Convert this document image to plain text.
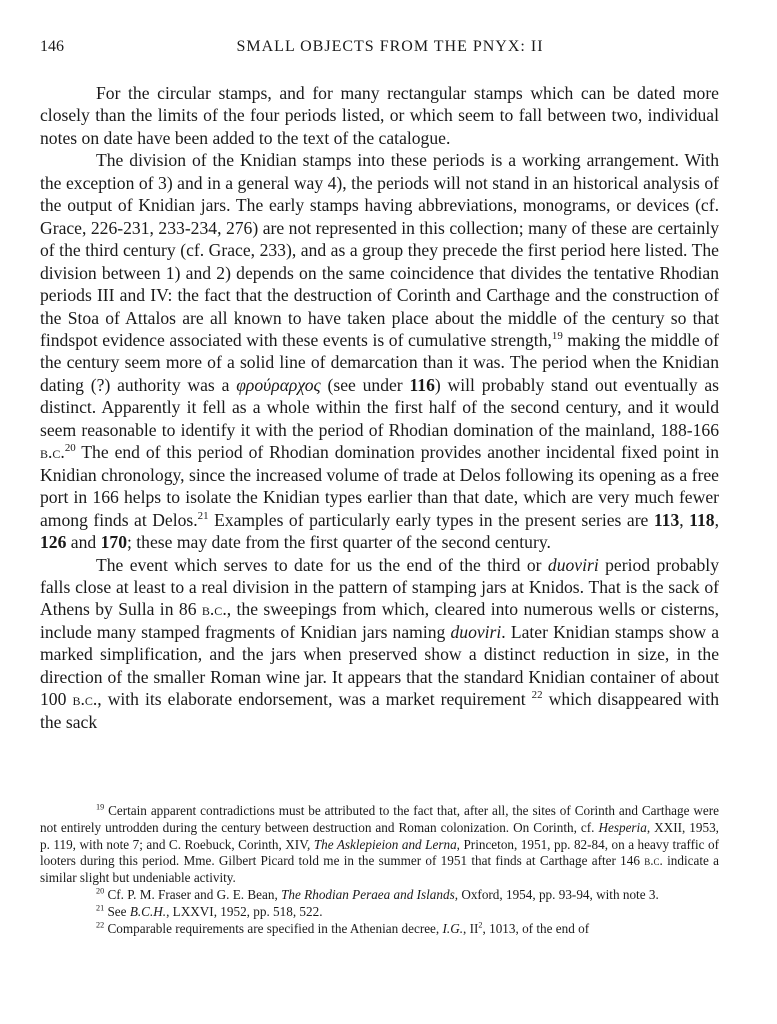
146	SMALL OBJECTS FROM THE PNYX: II

For the circular stamps, and for many rectangular stamps which can be dated more closely than the limits of the four periods listed, or which seem to fall between two, individual notes on date have been added to the text of the catalogue.

The division of the Knidian stamps into these periods is a working arrangement. With the exception of 3) and in a general way 4), the periods will not stand in an historical analysis of the output of Knidian jars. The early stamps having abbreviations, monograms, or devices (cf. Grace, 226-231, 233-234, 276) are not represented in this collection; many of these are certainly of the third century (cf. Grace, 233), and as a group they precede the first period here listed. The division between 1) and 2) depends on the same coincidence that divides the tentative Rhodian periods III and IV: the fact that the destruction of Corinth and Carthage and the construction of the Stoa of Attalos are all known to have taken place about the middle of the century so that findspot evidence associated with these events is of cumulative strength,$^{19}$ making the middle of the century seem more of a solid line of demarcation than it was. The period when the Knidian dating (?) authority was a φρούραρχος (see under 116) will probably stand out eventually as distinct. Apparently it fell as a whole within the first half of the second century, and it would seem reasonable to identify it with the period of Rhodian domination of the mainland, 188-166 b.c.$^{20}$ The end of this period of Rhodian domination provides another incidental fixed point in Knidian chronology, since the increased volume of trade at Delos following its opening as a free port in 166 helps to isolate the Knidian types earlier than that date, which are very much fewer among finds at Delos.$^{21}$ Examples of particularly early types in the present series are 113, 118, 126 and 170; these may date from the first quarter of the second century.

The event which serves to date for us the end of the third or duoviri period probably falls close at least to a real division in the pattern of stamping jars at Knidos. That is the sack of Athens by Sulla in 86 b.c., the sweepings from which, cleared into numerous wells or cisterns, include many stamped fragments of Knidian jars naming duoviri. Later Knidian stamps show a marked simplification, and the jars when preserved show a distinct reduction in size, in the direction of the smaller Roman wine jar. It appears that the standard Knidian container of about 100 b.c., with its elaborate endorsement, was a market requirement $^{22}$ which disappeared with the sack

$^{19}$ Certain apparent contradictions must be attributed to the fact that, after all, the sites of Corinth and Carthage were not entirely untrodden during the century between destruction and Roman colonization. On Corinth, cf. Hesperia, XXII, 1953, p. 119, with note 7; and C. Roebuck, Corinth, XIV, The Asklepieion and Lerna, Princeton, 1951, pp. 82-84, on a heavy traffic of looters during this period. Mme. Gilbert Picard told me in the summer of 1951 that finds at Carthage after 146 b.c. indicate a similar slight but undeniable activity.

$^{20}$ Cf. P. M. Fraser and G. E. Bean, The Rhodian Peraea and Islands, Oxford, 1954, pp. 93-94, with note 3.

$^{21}$ See B.C.H., LXXVI, 1952, pp. 518, 522.

$^{22}$ Comparable requirements are specified in the Athenian decree, I.G., $II^2$, 1013, of the end of
